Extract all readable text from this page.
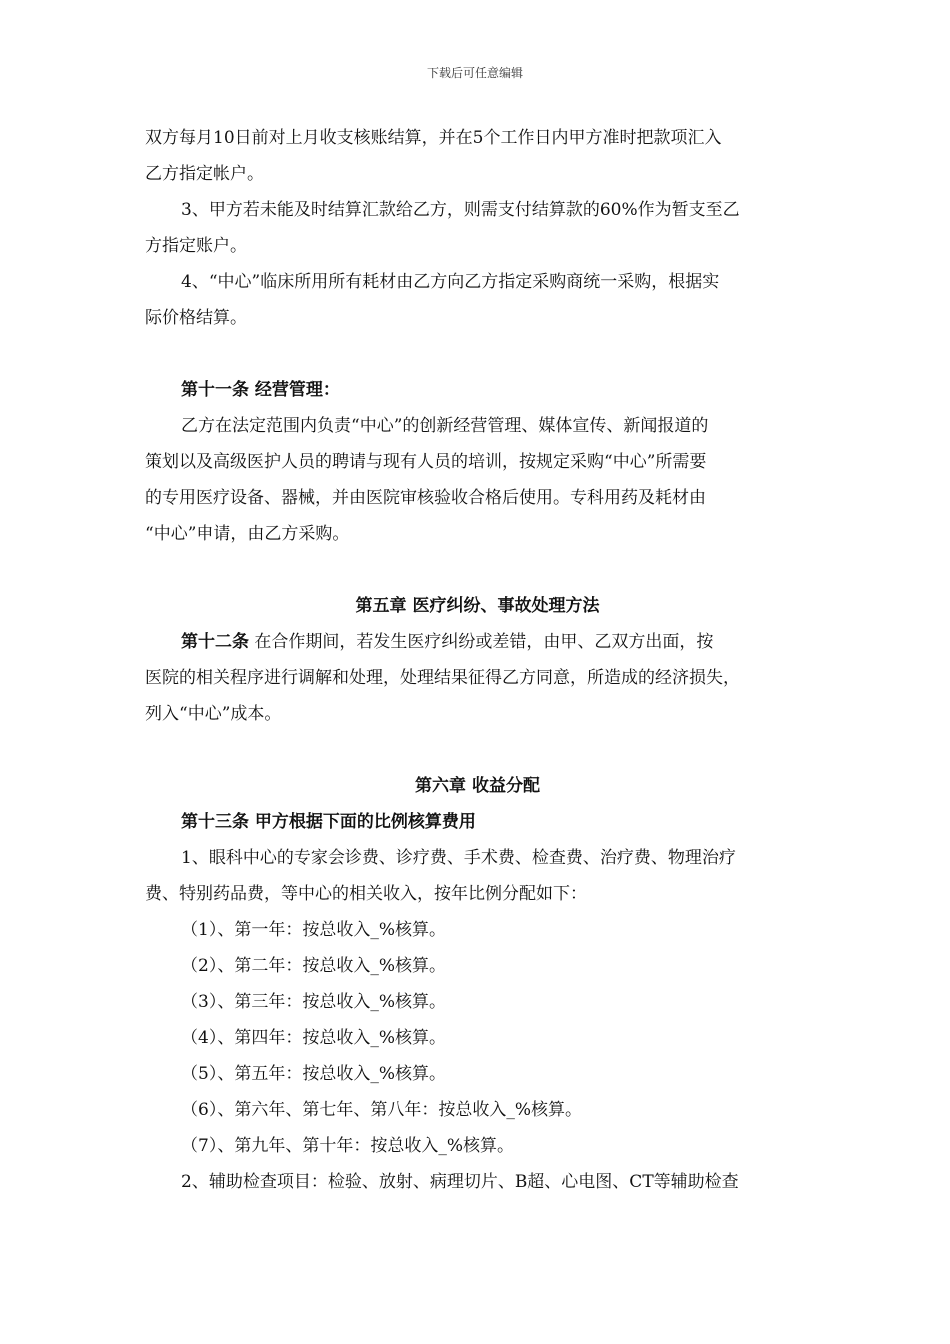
下载后可任意编辑
双方每月10日前对上月收支核账结算，并在5个工作日内甲方准时把款项汇入
乙方指定帐户。
3、甲方若未能及时结算汇款给乙方，则需支付结算款的60%作为暂支至乙
方指定账户。
4、“中心”临床所用所有耗材由乙方向乙方指定采购商统一采购，根据实
际价格结算。
第十一条 经营管理：
乙方在法定范围内负责“中心”的创新经营管理、媒体宣传、新闻报道的
策划以及高级医护人员的聘请与现有人员的培训，按规定采购“中心”所需要
的专用医疗设备、器械，并由医院审核验收合格后使用。专科用药及耗材由
“中心”申请，由乙方采购。
第五章 医疗纠纷、事故处理方法
第十二条 在合作期间，若发生医疗纠纷或差错，由甲、乙双方出面，按
医院的相关程序进行调解和处理，处理结果征得乙方同意，所造成的经济损失，
列入“中心”成本。
第六章 收益分配
第十三条 甲方根据下面的比例核算费用
1、眼科中心的专家会诊费、诊疗费、手术费、检查费、治疗费、物理治疗
费、特别药品费，等中心的相关收入，按年比例分配如下：
（1）、第一年：按总收入_%核算。
（2）、第二年：按总收入_%核算。
（3）、第三年：按总收入_%核算。
（4）、第四年：按总收入_%核算。
（5）、第五年：按总收入_%核算。
（6）、第六年、第七年、第八年：按总收入_%核算。
（7）、第九年、第十年：按总收入_%核算。
2、辅助检查项目：检验、放射、病理切片、B超、心电图、CT等辅助检查
